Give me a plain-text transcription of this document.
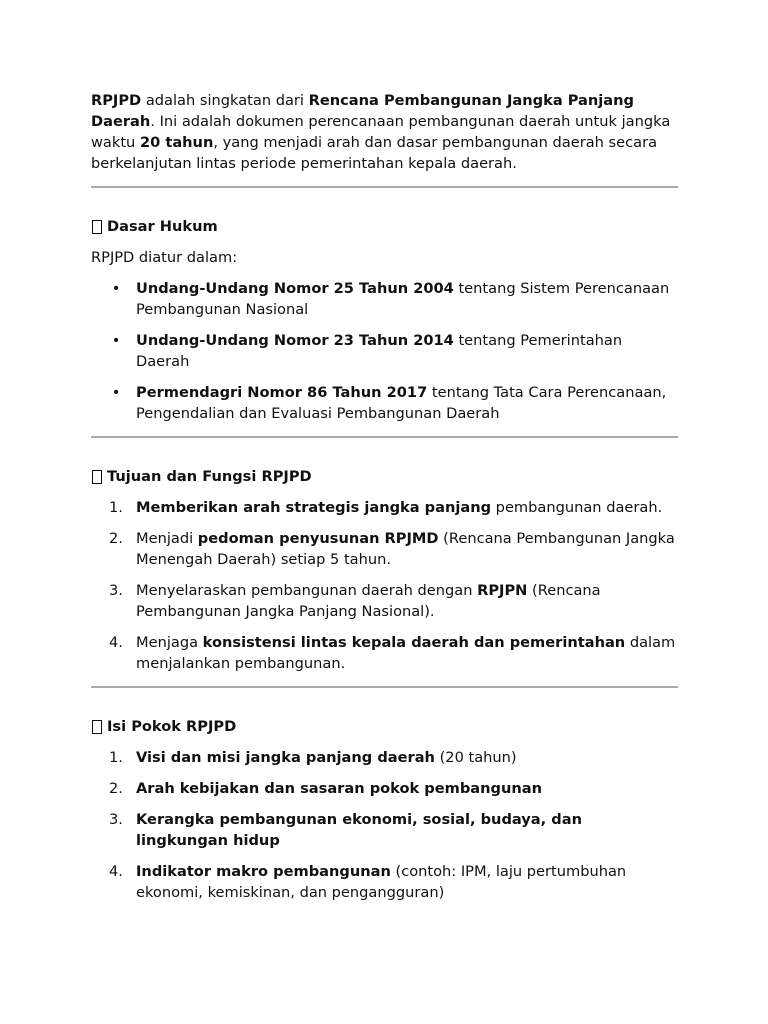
RPJPD adalah singkatan dari Rencana Pembangunan Jangka Panjang Daerah. Ini adalah dokumen perencanaan pembangunan daerah untuk jangka waktu 20 tahun, yang menjadi arah dan dasar pembangunan daerah secara berkelanjutan lintas periode pemerintahan kepala daerah.

Dasar Hukum

RPJPD diatur dalam:

• Undang-Undang Nomor 25 Tahun 2004 tentang Sistem Perencanaan Pembangunan Nasional
• Undang-Undang Nomor 23 Tahun 2014 tentang Pemerintahan Daerah
• Permendagri Nomor 86 Tahun 2017 tentang Tata Cara Perencanaan, Pengendalian dan Evaluasi Pembangunan Daerah
Tujuan dan Fungsi RPJPD
1. Memberikan arah strategis jangka panjang pembangunan daerah.
2. Menjadi pedoman penyusunan RPJMD (Rencana Pembangunan Jangka Menengah Daerah) setiap 5 tahun.
3. Menyelaraskan pembangunan daerah dengan RPJPN (Rencana Pembangunan Jangka Panjang Nasional).
4. Menjaga konsistensi lintas kepala daerah dan pemerintahan dalam menjalankan pembangunan.
Isi Pokok RPJPD
1. Visi dan misi jangka panjang daerah (20 tahun)
2. Arah kebijakan dan sasaran pokok pembangunan
3. Kerangka pembangunan ekonomi, sosial, budaya, dan lingkungan hidup
4. Indikator makro pembangunan (contoh: IPM, laju pertumbuhan ekonomi, kemiskinan, dan pengangguran)
